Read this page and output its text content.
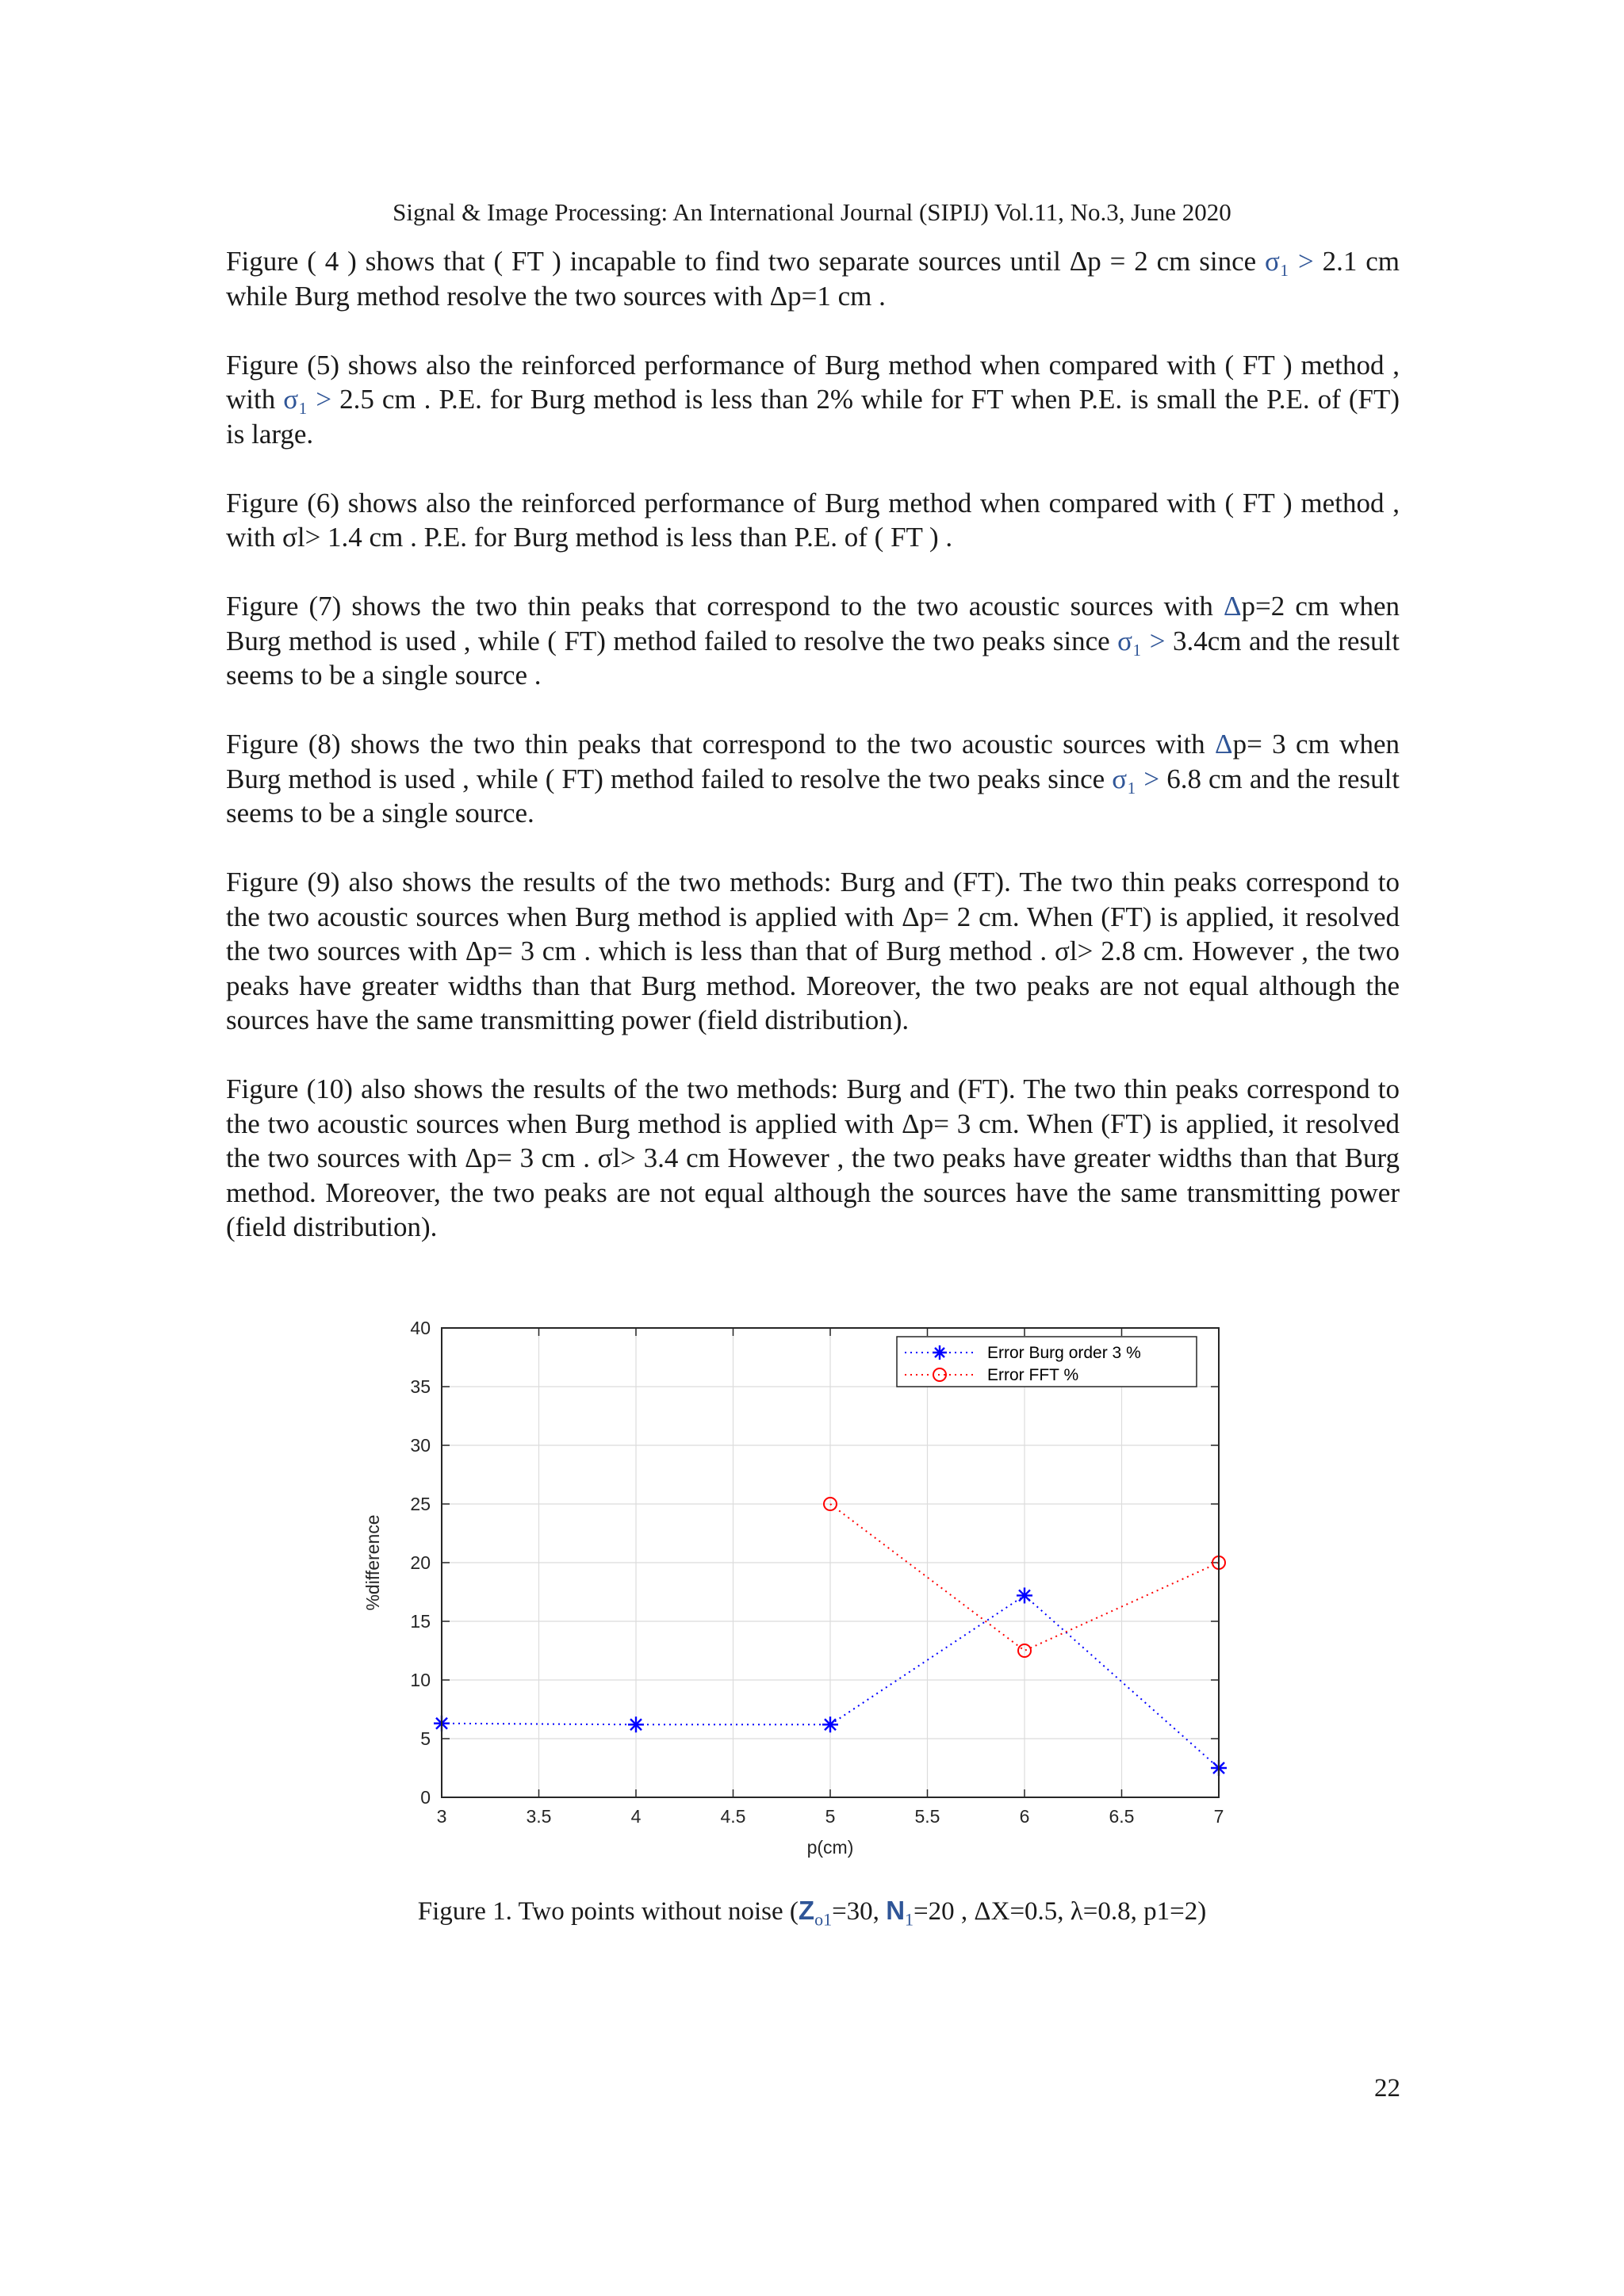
Signal & Image Processing: An International Journal (SIPIJ) Vol.11, No.3, June 2020

Figure ( 4 ) shows that ( FT ) incapable to find two separate sources until Δp = 2 cm since σ₁ > 2.1 cm while Burg method resolve the two sources with Δp=1 cm .

Figure (5) shows also the reinforced performance of Burg method when compared with ( FT ) method , with σ₁ > 2.5 cm . P.E. for Burg method is less than 2% while for FT when P.E. is small the P.E. of (FT) is large.

Figure (6) shows also the reinforced performance of Burg method when compared with ( FT ) method , with σl> 1.4 cm . P.E. for Burg method is less than P.E. of ( FT ) .

Figure (7) shows the two thin peaks that correspond to the two acoustic sources with Δp=2 cm when Burg method is used , while ( FT) method failed to resolve the two peaks since σ₁ > 3.4cm and the result seems to be a single source .

Figure (8) shows the two thin peaks that correspond to the two acoustic sources with Δp= 3 cm when Burg method is used , while ( FT) method failed to resolve the two peaks since σ₁ > 6.8 cm and the result seems to be a single source.

Figure (9) also shows the results of the two methods: Burg and (FT). The two thin peaks correspond to the two acoustic sources when Burg method is applied with Δp= 2 cm. When (FT) is applied, it resolved the two sources with Δp= 3 cm . which is less than that of Burg method . σl> 2.8 cm. However , the two peaks have greater widths than that Burg method. Moreover, the two peaks are not equal although the sources have the same transmitting power (field distribution).

Figure (10) also shows the results of the two methods: Burg and (FT). The two thin peaks correspond to the two acoustic sources when Burg method is applied with Δp= 3 cm. When (FT) is applied, it resolved the two sources with Δp= 3 cm . σl> 3.4 cm However , the two peaks have greater widths than that Burg method. Moreover, the two peaks are not equal although the sources have the same transmitting power (field distribution).

3	3.5	4	4.5	5	5.5	6	6.5	7
0
5
10
15
20
25
30
35
40
p(cm)
%difference
Error Burg order 3 %
Error FFT %
Figure 1. Two points without noise ($Z_{o1}=30$, $N_1=20$ , ΔX=0.5, λ=0.8, p1=2)
22
